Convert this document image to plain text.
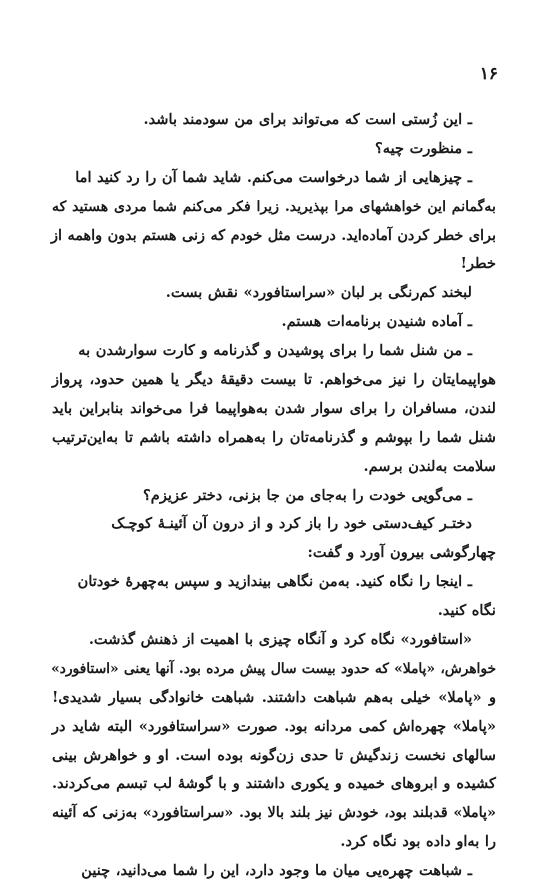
۱۶
ـ این زُستی است که می‌تواند برای من سودمند باشد.
ـ منظورت چیه؟
ـ چیزهایی از شما درخواست می‌کنم. شاید شما آن را رد کنید اما
به‌گمانم این خواهشهای مرا بپذیرید. زیرا فکر می‌کنم شما مردی هستید که
برای خطر کردن آماده‌اید. درست مثل خودم که زنی هستم بدون واهمه از
خطر!
لبخند کم‌رنگی بر لبان «سراستافورد» نقش بست.
ـ آماده شنیدن برنامه‌ات هستم.
ـ من شنل شما را برای پوشیدن و گذرنامه و کارت سوارشدن به
هواپیمایتان را نیز می‌خواهم. تا بیست دقیقهٔ دیگر یا همین حدود، پرواز
لندن، مسافران را برای سوار شدن به‌هواپیما فرا می‌خواند بنابراین باید
شنل شما را بپوشم و گذرنامه‌تان را به‌همراه داشته باشم تا به‌این‌ترتیب
سلامت به‌لندن برسم.
ـ می‌گویی خودت را به‌جای من جا بزنی، دختر عزیزم؟
دختـر کیف‌دستی خود را باز کرد و از درون آن آئینـهٔ کوچـک
چهارگوشی بیرون آورد و گفت:
ـ اینجا را نگاه کنید. به‌من نگاهی بیندازید و سپس به‌چهرهٔ خودتان
نگاه کنید.
«استافورد» نگاه کرد و آنگاه چیزی با اهمیت از ذهنش گذشت.
خواهرش، «پاملا» که حدود بیست سال پیش مرده بود. آنها یعنی «استافورد»
و «پاملا» خیلی به‌هم شباهت داشتند. شباهت خانوادگی بسیار شدیدی!
«پاملا» چهره‌اش کمی مردانه بود. صورت «سراستافورد» البته شاید در
سالهای نخست زندگیش تا حدی زن‌گونه بوده است. او و خواهرش بینی
کشیده و ابروهای خمیده و یکوری داشتند و با گوشهٔ لب تبسم می‌کردند.
«پاملا» قدبلند بود، خودش نیز بلند بالا بود. «سراستافورد» به‌زنی که آئینه
را به‌او داده بود نگاه کرد.
ـ شباهت چهره‌یی میان ما وجود دارد، این را شما می‌دانید، چنین
